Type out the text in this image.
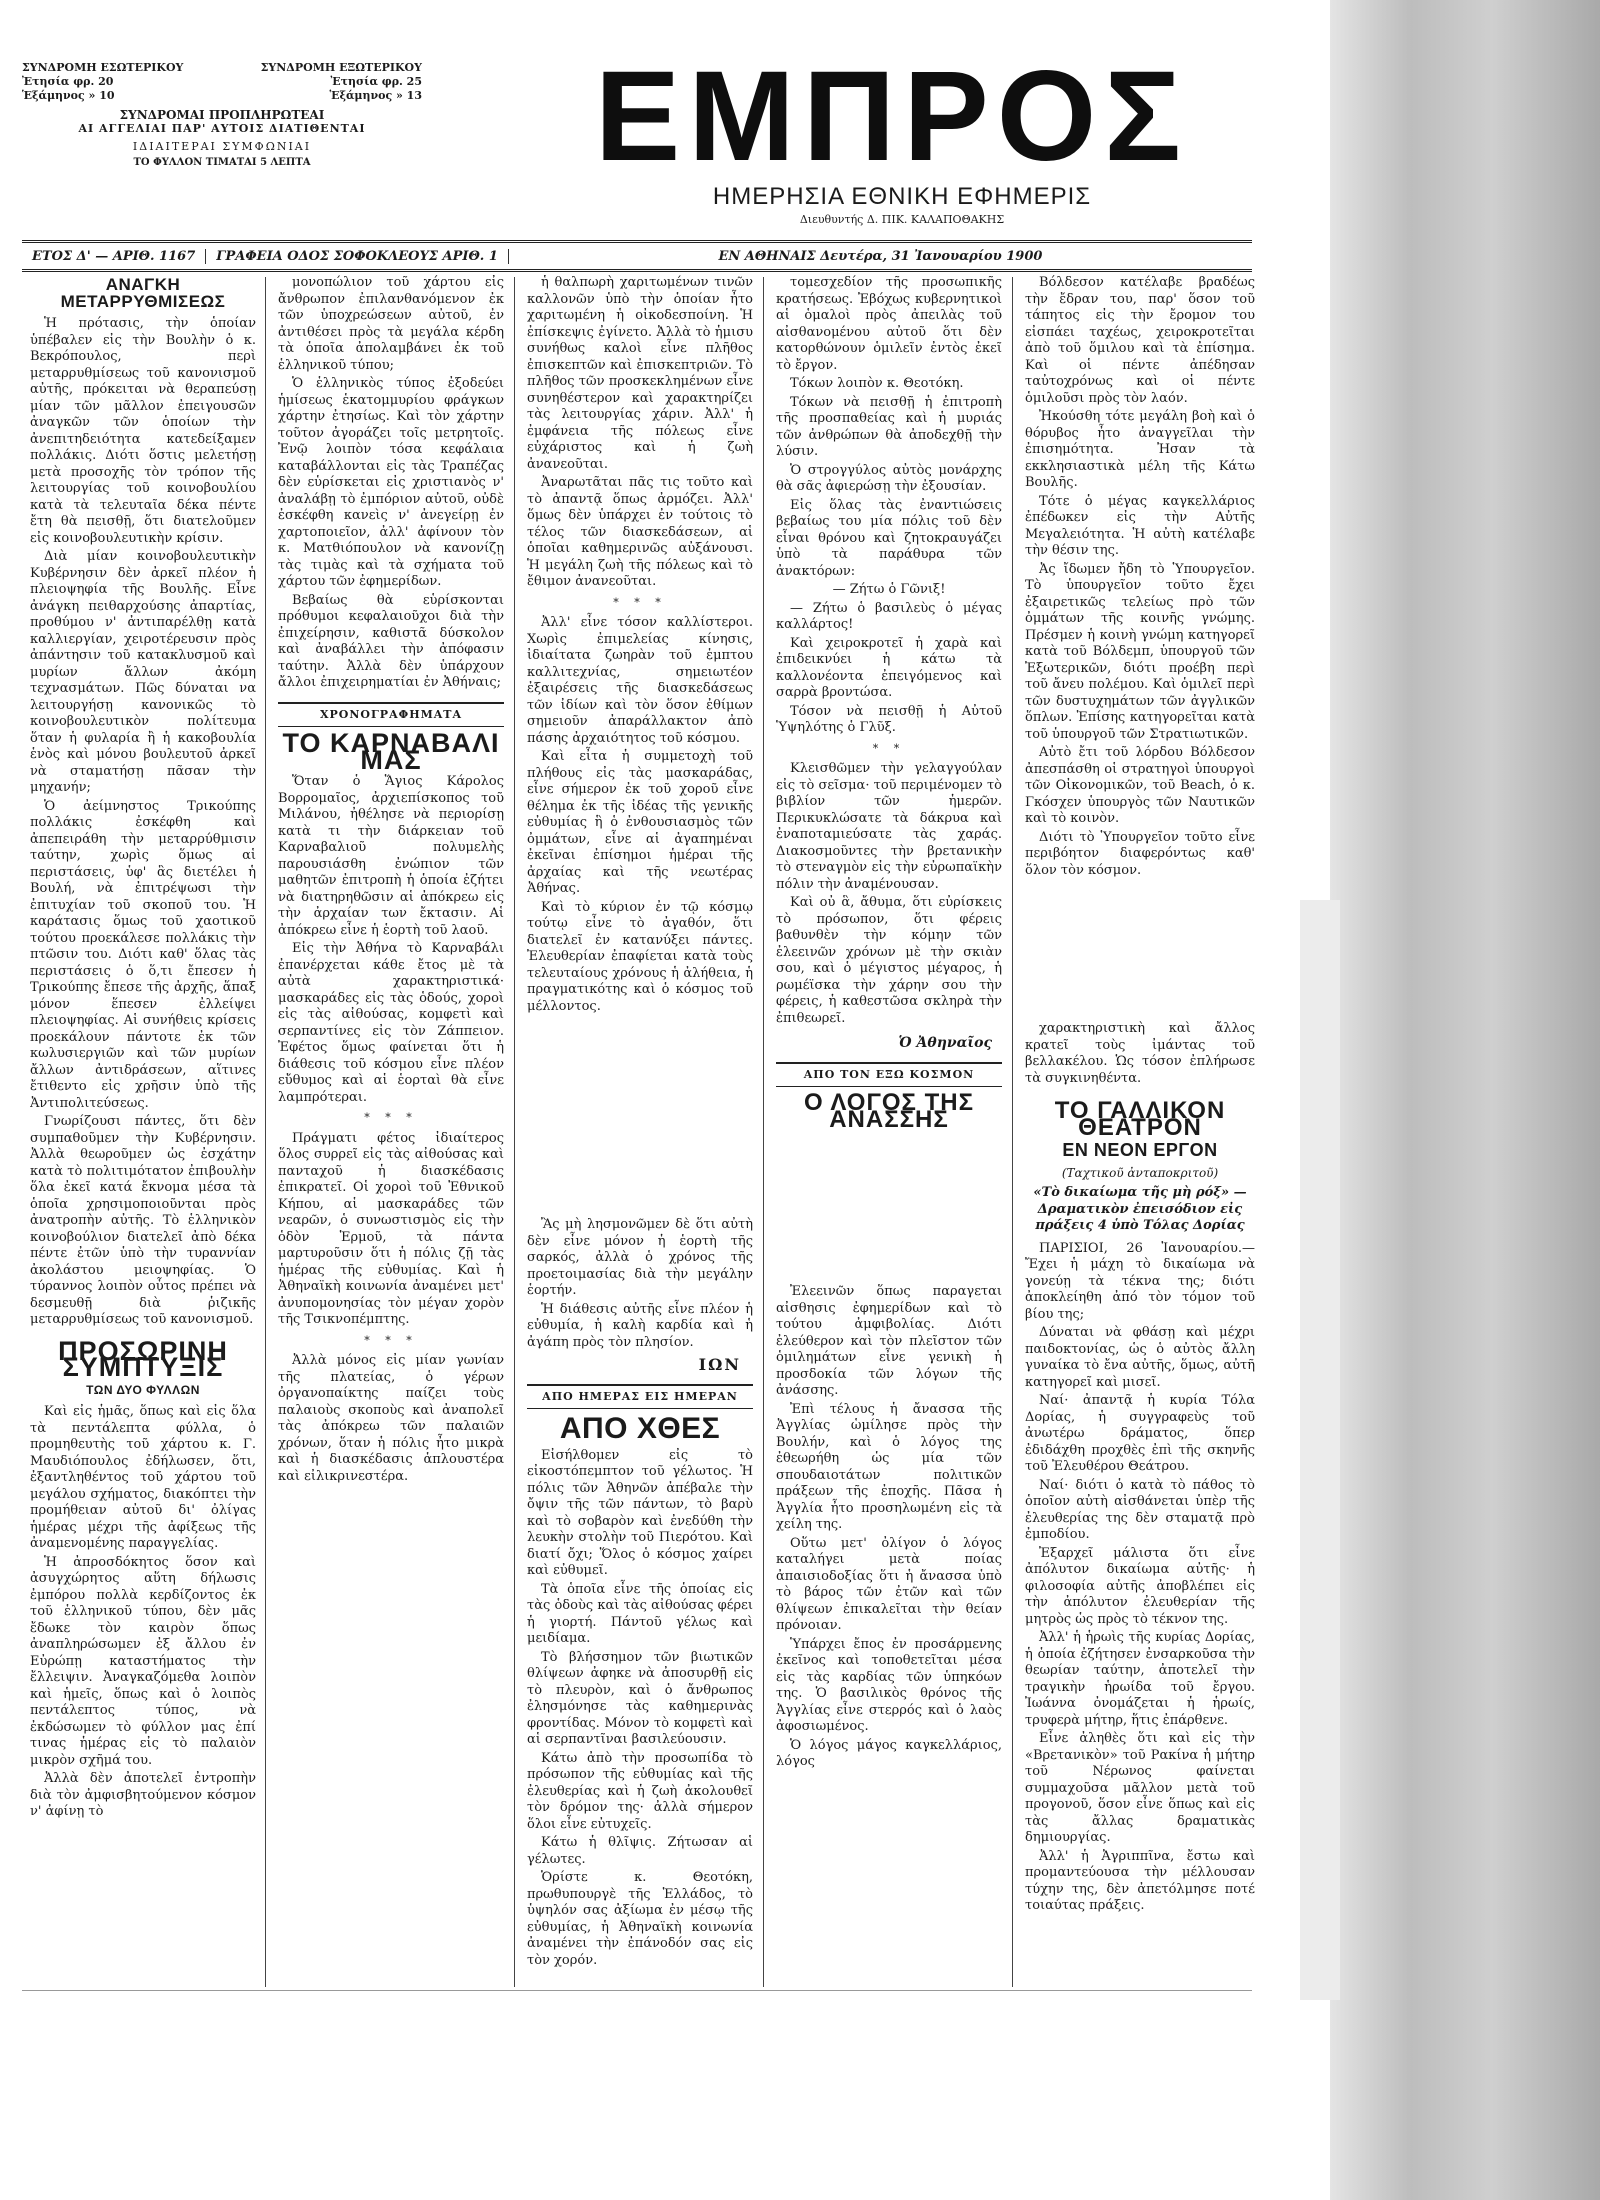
ΣΥΝΔΡΟΜΗ ΕΣΩΤΕΡΙΚΟΥ	ΣΥΝΔΡΟΜΗ ΕΞΩΤΕΡΙΚΟΥ
Ἐτησία φρ. 20	Ἐτησία φρ. 25
Ἑξάμηνος » 10	Ἑξάμηνος » 13
ΣΥΝΔΡΟΜΑΙ ΠΡΟΠΛΗΡΩΤΕΑΙ
ΑΙ ΑΓΓΕΛΙΑΙ ΠΑΡ' ΑΥΤΟΙΣ ΔΙΑΤΙΘΕΝΤΑΙ
ΙΔΙΑΙΤΕΡΑΙ ΣΥΜΦΩΝΙΑΙ
ΤΟ ΦΥΛΛΟΝ ΤΙΜΑΤΑΙ 5 ΛΕΠΤΑ	ΕΜΠΡΟΣ
ΗΜΕΡΗΣΙΑ ΕΘΝΙΚΗ ΕΦΗΜΕΡΙΣ
Διευθυντής Δ. ΠΙΚ. ΚΑΛΑΠΟΘΑΚΗΣ
ΕΤΟΣ Δ' — ΑΡΙΘ. 1167	ΓΡΑΦΕΙΑ ΟΔΟΣ ΣΟΦΟΚΛΕΟΥΣ ΑΡΙΘ. 1	ΕΝ ΑΘΗΝΑΙΣ Δευτέρα, 31 Ἰανουαρίου 1900
ΑΝΑΓΚΗ ΜΕΤΑΡΡΥΘΜΙΣΕΩΣ

Ἡ πρότασις, τὴν ὁποίαν ὑπέβαλεν εἰς τὴν Βουλὴν ὁ κ. Βεκρόπουλος, περὶ μεταρρυθμίσεως τοῦ κανονισμοῦ αὐτῆς, πρόκειται νὰ θεραπεύσῃ μίαν τῶν μᾶλλον ἐπειγουσῶν ἀναγκῶν τῶν ὁποίων τὴν ἀνεπιτηδειότητα κατεδείξαμεν πολλάκις. Διότι ὅστις μελετήσῃ μετὰ προσοχῆς τὸν τρόπον τῆς λειτουργίας τοῦ κοινοβουλίου κατὰ τὰ τελευταῖα δέκα πέντε ἔτη θὰ πεισθῇ, ὅτι διατελοῦμεν εἰς κοινοβουλευτικὴν κρίσιν.

Διὰ μίαν κοινοβουλευτικὴν Κυβέρνησιν δὲν ἀρκεῖ πλέον ἡ πλειοψηφία τῆς Βουλῆς. Εἶνε ἀνάγκη πειθαρχούσης ἀπαρτίας, προθύμου ν' ἀντιπαρέλθῃ κατὰ καλλιεργίαν, χειροτέρευσιν πρὸς ἀπάντησιν τοῦ κατακλυσμοῦ καὶ μυρίων ἄλλων ἀκόμη τεχνασμάτων. Πῶς δύναται να λειτουργήσῃ κανονικῶς τὸ κοινοβουλευτικὸν πολίτευμα ὅταν ἡ φυλαρία ἢ ἡ κακοβουλία ἑνὸς καὶ μόνου βουλευτοῦ ἀρκεῖ νὰ σταματήσῃ πᾶσαν τὴν μηχανήν;

Ὁ ἀείμνηστος Τρικούπης πολλάκις ἐσκέφθη καὶ ἀπεπειράθη τὴν μεταρρύθμισιν ταύτην, χωρὶς ὅμως αἱ περιστάσεις, ὑφ' ἃς διετέλει ἡ Βουλή, νὰ ἐπιτρέψωσι τὴν ἐπιτυχίαν τοῦ σκοποῦ του. Ἡ καράτασις ὅμως τοῦ χαοτικοῦ τούτου προεκάλεσε πολλάκις τὴν πτῶσιν του. Διότι καθ' ὅλας τὰς περιστάσεις ὁ ὅ,τι ἔπεσεν ἡ Τρικούπης ἔπεσε τῆς ἀρχῆς, ἅπαξ μόνον ἕπεσεν ἐλλείψει πλειοψηφίας. Αἱ συνήθεις κρίσεις προεκάλουν πάντοτε ἐκ τῶν κωλυσιεργιῶν καὶ τῶν μυρίων ἄλλων ἀντιδράσεων, αἵτινες ἔτιθεντο εἰς χρῆσιν ὑπὸ τῆς Ἀντιπολιτεύσεως.

Γνωρίζουσι πάντες, ὅτι δὲν συμπαθοῦμεν τὴν Κυβέρνησιν. Ἀλλὰ θεωροῦμεν ὡς ἐσχάτην κατὰ τὸ πολιτιμότατον ἐπιβουλὴν ὅλα ἐκεῖ κατά ἔκνομα μέσα τὰ ὁποῖα χρησιμοποιοῦνται πρὸς ἀνατροπὴν αὐτῆς. Τὸ ἑλληνικὸν κοινοβούλιον διατελεῖ ἀπὸ δέκα πέντε ἐτῶν ὑπὸ τὴν τυραννίαν ἀκολάστου μειοψηφίας. Ὁ τύραννος λοιπὸν οὗτος πρέπει νὰ δεσμευθῇ διὰ ῥιζικῆς μεταρρυθμίσεως τοῦ κανονισμοῦ.

ΠΡΟΣΩΡΙΝΗ ΣΥΜΠΤΥΞΙΣ
ΤΩΝ ΔΥΟ ΦΥΛΛΩΝ

Καὶ εἰς ἡμᾶς, ὅπως καὶ εἰς ὅλα τὰ πεντάλεπτα φύλλα, ὁ προμηθευτὴς τοῦ χάρτου κ. Γ. Μαυδιόπουλος ἐδήλωσεν, ὅτι, ἐξαντληθέντος τοῦ χάρτου τοῦ μεγάλου σχήματος, διακόπτει τὴν προμήθειαν αὐτοῦ δι' ὀλίγας ἡμέρας μέχρι τῆς ἀφίξεως τῆς ἀναμενομένης παραγγελίας.

Ἡ ἀπροσδόκητος ὅσον καὶ ἀσυγχώρητος αὕτη δήλωσις ἐμπόρου πολλὰ κερδίζοντος ἐκ τοῦ ἑλληνικοῦ τύπου, δὲν μᾶς ἔδωκε τὸν καιρὸν ὅπως ἀναπληρώσωμεν ἐξ ἄλλου ἐν Εὐρώπῃ καταστήματος τὴν ἔλλειψιν. Ἀναγκαζόμεθα λοιπὸν καὶ ἡμεῖς, ὅπως καὶ ὁ λοιπὸς πεντάλεπτος τύπος, νὰ ἐκδώσωμεν τὸ φύλλον μας ἐπί τινας ἡμέρας εἰς τὸ παλαιὸν μικρὸν σχῆμά του.

Ἀλλὰ δὲν ἀποτελεῖ ἐντροπὴν διὰ τὸν ἀμφισβητούμενον κόσμον ν' ἀφίνῃ τὸ

μονοπώλιον τοῦ χάρτου εἰς ἄνθρωπον ἐπιλανθανόμενον ἐκ τῶν ὑποχρεώσεων αὐτοῦ, ἐν ἀντιθέσει πρὸς τὰ μεγάλα κέρδη τὰ ὁποῖα ἀπολαμβάνει ἐκ τοῦ ἑλληνικοῦ τύπου;

Ὁ ἑλληνικὸς τύπος ἐξοδεύει ἡμίσεως ἑκατομμυρίου φράγκων χάρτην ἐτησίως. Καὶ τὸν χάρτην τοῦτον ἀγοράζει τοῖς μετρητοῖς. Ἐνῷ λοιπὸν τόσα κεφάλαια καταβάλλονται εἰς τὰς Τραπέζας δὲν εὑρίσκεται εἰς χριστιανὸς ν' ἀναλάβῃ τὸ ἐμπόριον αὐτοῦ, οὐδὲ ἐσκέφθη κανεὶς ν' ἀνεγείρῃ ἐν χαρτοποιεῖον, ἀλλ' ἀφίνουν τὸν κ. Ματθιόπουλον νὰ κανονίζῃ τὰς τιμὰς καὶ τὰ σχήματα τοῦ χάρτου τῶν ἐφημερίδων.

Βεβαίως θὰ εὑρίσκονται πρόθυμοι κεφαλαιοῦχοι διὰ τὴν ἐπιχείρησιν, καθιστᾶ δύσκολον καὶ ἀναβάλλει τὴν ἀπόφασιν ταύτην. Ἀλλὰ δὲν ὑπάρχουν ἄλλοι ἐπιχειρηματίαι ἐν Ἀθήναις;

ΧΡΟΝΟΓΡΑΦΗΜΑΤΑ
ΤΟ ΚΑΡΝΑΒΑΛΙ ΜΑΣ

Ὅταν ὁ Ἅγιος Κάρολος Βορρομαῖος, ἀρχιεπίσκοπος τοῦ Μιλάνου, ἠθέλησε νὰ περιορίσῃ κατὰ τι τὴν διάρκειαν τοῦ Καρναβαλιοῦ πολυμελὴς παρουσιάσθη ἐνώπιον τῶν μαθητῶν ἐπιτροπὴ ἡ ὁποία ἐζήτει νὰ διατηρηθῶσιν αἱ ἀπόκρεω εἰς τὴν ἀρχαίαν των ἔκτασιν. Αἱ ἀπόκρεω εἶνε ἡ ἑορτὴ τοῦ λαοῦ.

Εἰς τὴν Ἀθήνα τὸ Καρναβάλι ἐπανέρχεται κάθε ἔτος μὲ τὰ αὐτὰ χαρακτηριστικά· μασκαράδες εἰς τὰς ὁδούς, χοροὶ εἰς τὰς αἰθούσας, κομφετὶ καὶ σερπαντίνες εἰς τὸν Ζάππειον. Ἐφέτος ὅμως φαίνεται ὅτι ἡ διάθεσις τοῦ κόσμου εἶνε πλέον εὔθυμος καὶ αἱ ἑορταὶ θὰ εἶνε λαμπρότεραι.

* * *

Πράγματι φέτος ἰδιαίτερος ὅλος συρρεῖ εἰς τὰς αἰθούσας καὶ πανταχοῦ ἡ διασκέδασις ἐπικρατεῖ. Οἱ χοροὶ τοῦ Ἐθνικοῦ Κήπου, αἱ μασκαράδες τῶν νεαρῶν, ὁ συνωστισμὸς εἰς τὴν ὁδὸν Ἑρμοῦ, τὰ πάντα μαρτυροῦσιν ὅτι ἡ πόλις ζῇ τὰς ἡμέρας τῆς εὐθυμίας. Καὶ ἡ Ἀθηναϊκὴ κοινωνία ἀναμένει μετ' ἀνυπομονησίας τὸν μέγαν χορὸν τῆς Τσικνοπέμπτης.

* * *

Ἀλλὰ μόνος εἰς μίαν γωνίαν τῆς πλατείας, ὁ γέρων ὀργανοπαίκτης παίζει τοὺς παλαιοὺς σκοποὺς καὶ ἀναπολεῖ τὰς ἀπόκρεω τῶν παλαιῶν χρόνων, ὅταν ἡ πόλις ἦτο μικρὰ καὶ ἡ διασκέδασις ἁπλουστέρα καὶ εἰλικρινεστέρα.

ἡ θαλπωρὴ χαριτωμένων τινῶν καλλονῶν ὑπὸ τὴν ὁποίαν ἦτο χαριτωμένη ἡ οἰκοδεσποίνη. Ἡ ἐπίσκεψις ἐγίνετο. Ἀλλὰ τὸ ἡμισυ συνήθως καλοὶ εἶνε πλῆθος ἐπισκεπτῶν καὶ ἐπισκεπτριῶν. Τὸ πλῆθος τῶν προσκεκλημένων εἶνε συνηθέστερον καὶ χαρακτηρίζει τὰς λειτουργίας χάριν. Ἀλλ' ἡ ἐμφάνεια τῆς πόλεως εἶνε εὐχάριστος καὶ ἡ ζωὴ ἀνανεοῦται.

Ἀναρωτᾶται πᾶς τις τοῦτο καὶ τὸ ἀπαντᾷ ὅπως ἀρμόζει. Ἀλλ' ὅμως δὲν ὑπάρχει ἐν τούτοις τὸ τέλος τῶν διασκεδάσεων, αἱ ὁποῖαι καθημερινῶς αὐξάνουσι. Ἡ μεγάλη ζωὴ τῆς πόλεως καὶ τὸ ἔθιμον ἀνανεοῦται.

* * *

Ἀλλ' εἶνε τόσον καλλίστεροι. Χωρὶς ἐπιμελείας κίνησις, ἰδιαίτατα ζωηρὰν τοῦ ἑμπτου καλλιτεχνίας, σημειωτέον ἐξαιρέσεις τῆς διασκεδάσεως τῶν ἰδίων καὶ τὸν ὅσον ἐθίμων σημειοῦν ἀπαράλλακτον ἀπὸ πάσης ἀρχαιότητος τοῦ κόσμου.

Καὶ εἶτα ἡ συμμετοχὴ τοῦ πλήθους εἰς τὰς μασκαράδας, εἶνε σήμερον ἐκ τοῦ χοροῦ εἶνε θέλημα ἐκ τῆς ἰδέας τῆς γενικῆς εὐθυμίας ἣ ὁ ἐνθουσιασμὸς τῶν ὀμμάτων, εἶνε αἱ ἀγαπημέναι ἐκεῖναι ἐπίσημοι ἡμέραι τῆς ἀρχαίας καὶ τῆς νεωτέρας Ἀθήνας.

Καὶ τὸ κύριον ἐν τῷ κόσμῳ τούτῳ εἶνε τὸ ἀγαθόν, ὅτι διατελεῖ ἐν κατανύξει πάντες. Ἐλευθερίαν ἐπαφίεται κατὰ τοὺς τελευταίους χρόνους ἡ ἀλήθεια, ἡ πραγματικότης καὶ ὁ κόσμος τοῦ μέλλοντος.

Ἂς μὴ λησμονῶμεν δὲ ὅτι αὐτὴ δὲν εἶνε μόνον ἡ ἑορτὴ τῆς σαρκός, ἀλλὰ ὁ χρόνος τῆς προετοιμασίας διὰ τὴν μεγάλην ἑορτήν.

Ἡ διάθεσις αὐτῆς εἶνε πλέον ἡ εὐθυμία, ἡ καλὴ καρδία καὶ ἡ ἀγάπη πρὸς τὸν πλησίον.

ΙΩΝ
ΑΠΟ ΗΜΕΡΑΣ ΕΙΣ ΗΜΕΡΑΝ
ΑΠΟ ΧΘΕΣ

Εἰσήλθομεν εἰς τὸ εἰκοστόπεμπτον τοῦ γέλωτος. Ἡ πόλις τῶν Ἀθηνῶν ἀπέβαλε τὴν ὄψιν τῆς τῶν πάντων, τὸ βαρὺ καὶ τὸ σοβαρὸν καὶ ἐνεδύθη τὴν λευκὴν στολὴν τοῦ Πιερότου. Καὶ διατί ὄχι; Ὅλος ὁ κόσμος χαίρει καὶ εὐθυμεῖ.

Τὰ ὁποῖα εἶνε τῆς ὁποίας εἰς τὰς ὁδοὺς καὶ τὰς αἰθούσας φέρει ἡ γιορτή. Πάντοῦ γέλως καὶ μειδίαμα.

Τὸ βλήσσημον τῶν βιωτικῶν θλίψεων ἀφηκε νὰ ἀποσυρθῇ εἰς τὸ πλευρὸν, καὶ ὁ ἄνθρωπος ἐλησμόνησε τὰς καθημερινὰς φροντίδας. Μόνον τὸ κομφετὶ καὶ αἱ σερπαντῖναι βασιλεύουσιν.

Κάτω ἀπὸ τὴν προσωπίδα τὸ πρόσωπον τῆς εὐθυμίας καὶ τῆς ἐλευθερίας καὶ ἡ ζωὴ ἀκολουθεῖ τὸν δρόμον της· ἀλλὰ σήμερον ὅλοι εἶνε εὐτυχεῖς.

Κάτω ἡ θλῖψις. Ζήτωσαν αἱ γέλωτες.

Ὁρίστε κ. Θεοτόκη, πρωθυπουργὲ τῆς Ἑλλάδος, τὸ ὑψηλόν σας ἀξίωμα ἐν μέσῳ τῆς εὐθυμίας, ἡ Ἀθηναϊκὴ κοινωνία ἀναμένει τὴν ἐπάνοδόν σας εἰς τὸν χορόν.

τομεσχεδίον τῆς προσωπικῆς κρατήσεως. Ἐβόχως κυβερνητικοὶ αἱ ὁμαλοὶ πρὸς ἀπειλὰς τοῦ αἰσθανομένου αὐτοῦ ὅτι δὲν κατορθώνουν ὁμιλεῖν ἐντὸς ἐκεῖ τὸ ἔργον.

Τόκων λοιπὸν κ. Θεοτόκη.

Τόκων νὰ πεισθῇ ἡ ἐπιτροπὴ τῆς προσπαθείας καὶ ἡ μυριάς τῶν ἀνθρώπων θὰ ἀποδεχθῇ τὴν λύσιν.

Ὁ στρογγύλος αὐτὸς μονάρχης θὰ σᾶς ἀφιερώσῃ τὴν ἐξουσίαν.

Εἰς ὅλας τὰς ἐναντιώσεις βεβαίως του μία πόλις τοῦ δὲν εἶναι θρόνου καὶ ζητοκραυγάζει ὑπὸ τὰ παράθυρα τῶν ἀνακτόρων:

— Ζήτω ὁ Γῶνιξ!

— Ζήτω ὁ βασιλεὺς ὁ μέγας καλλάρτος!

Καὶ χειροκροτεῖ ἡ χαρὰ καὶ ἐπιδεικνύει ἡ κάτω τὰ καλλονέοντα ἐπειγόμενος καὶ σαρρὰ βροντώσα.

Τόσον νὰ πεισθῇ ἡ Αὐτοῦ Ὑψηλότης ὁ Γλῦξ.

* *

Κλεισθῶμεν τὴν γελαγγούλαν εἰς τὸ σεῖσμα· τοῦ περιμένομεν τὸ βιβλίον τῶν ἡμερῶν. Περικυκλώσατε τὰ δάκρυα καὶ ἐναποταμιεύσατε τὰς χαράς. Διακοσμοῦντες τὴν βρετανικὴν τὸ στεναγμὸν εἰς τὴν εὐρωπαϊκὴν πόλιν τὴν ἀναμένουσαν.

Καὶ οὐ ἃ, ἄθυμα, ὅτι εὐρίσκεις τὸ πρόσωπον, ὅτι φέρεις βαθυνθὲν τὴν κόμην τῶν ἐλεεινῶν χρόνων μὲ τὴν σκιὰν σου, καὶ ὁ μέγιστος μέγαρος, ἡ ρωμέϊσκα τὴν χάρην σου τὴν φέρεις, ἡ καθεστῶσα σκληρὰ τὴν ἐπιθεωρεῖ.

Ὁ Ἀθηναῖος
ΑΠΟ ΤΟΝ ΕΞΩ ΚΟΣΜΟΝ
Ο ΛΟΓΟΣ ΤΗΣ ΑΝΑΣΣΗΣ

Ἐλεεινῶν ὅπως παραγεται αἰσθησις ἐφημερίδων καὶ τὸ τούτου ἀμφιβολίας. Διότι ἐλεύθερον καὶ τὸν πλεῖστον τῶν ὁμιλημάτων εἶνε γενικὴ ἡ προσδοκία τῶν λόγων τῆς ἀνάσσης.

Ἐπὶ τέλους ἡ ἄνασσα τῆς Ἀγγλίας ὡμίλησε πρὸς τὴν Βουλήν, καὶ ὁ λόγος της ἐθεωρήθη ὡς μία τῶν σπουδαιοτάτων πολιτικῶν πράξεων τῆς ἐποχῆς. Πᾶσα ἡ Ἀγγλία ἦτο προσηλωμένη εἰς τὰ χείλη της.

Οὕτω μετ' ὀλίγον ὁ λόγος καταλήγει μετὰ ποίας ἀπαισιοδοξίας ὅτι ἡ ἄνασσα ὑπὸ τὸ βάρος τῶν ἐτῶν καὶ τῶν θλίψεων ἐπικαλεῖται τὴν θείαν πρόνοιαν.

Ὑπάρχει ἔπος ἐν προσάρμενης ἐκεῖνος καὶ τοποθετεῖται μέσα εἰς τὰς καρδίας τῶν ὑπηκόων της. Ὁ βασιλικὸς θρόνος τῆς Ἀγγλίας εἶνε στερρός καὶ ὁ λαὸς ἀφοσιωμένος.

Ὁ λόγος μάγος καγκελλάριος, λόγος

Βόλδεσον κατέλαβε βραδέως τὴν ἔδραν του, παρ' ὅσον τοῦ τάπητος εἰς τὴν ἔρομον του εἰσπάει ταχέως, χειροκροτεῖται ἀπὸ τοῦ ὅμιλου καὶ τὰ ἐπίσημα. Καὶ οἱ πέντε ἀπέδησαν ταὐτοχρόνως καὶ οἱ πέντε ὁμιλοῦσι πρὸς τὸν λαόν.

Ἠκούσθη τότε μεγάλη βοὴ καὶ ὁ θόρυβος ἦτο ἀναγγεῖλαι τὴν ἐπισημότητα. Ἠσαν τὰ εκκλησιαστικὰ μέλη τῆς Κάτω Βουλῆς.

Τότε ὁ μέγας καγκελλάριος ἐπέδωκεν εἰς τὴν Αὐτῆς Μεγαλειότητα. Ἡ αὐτὴ κατέλαβε τὴν θέσιν της.

Ἀς ἴδωμεν ἤδη τὸ Ὑπουργεῖον. Τὸ ὑπουργεῖον τοῦτο ἔχει ἐξαιρετικῶς τελείως πρὸ τῶν ὀμμάτων τῆς κοινῆς γνώμης. Πρέσμεν ἡ κοινὴ γνώμη κατηγορεῖ κατὰ τοῦ Βόλδεμπ, ὑπουργοῦ τῶν Ἐξωτερικῶν, διότι προέβη περὶ τοῦ ἄνευ πολέμου. Καὶ ὁμιλεῖ περὶ τῶν δυστυχημάτων τῶν ἀγγλικῶν ὅπλων. Ἐπίσης κατηγορεῖται κατὰ τοῦ ὑπουργοῦ τῶν Στρατιωτικῶν.

Αὐτὸ ἔτι τοῦ λόρδου Βόλδεσον ἀπεσπάσθη οἱ στρατηγοὶ ὑπουργοὶ τῶν Οἰκονομικῶν, τοῦ Beach, ὁ κ. Γκόσχεν ὑπουργὸς τῶν Ναυτικῶν καὶ τὸ κοινὸν.

Διότι τὸ Ὑπουργεῖον τοῦτο εἶνε περιβόητον διαφερόντως καθ' ὅλον τὸν κόσμον.

χαρακτηριστικὴ καὶ ἄλλος κρατεῖ τοὺς ἰμάντας τοῦ βελλακέλου. Ὡς τόσον ἐπλήρωσε τὰ συγκινηθέντα.

ΤΟ ΓΑΛΛΙΚΟΝ ΘΕΑΤΡΟΝ
ΕΝ ΝΕΟΝ ΕΡΓΟΝ
(Ταχτικοῦ ἀνταποκριτοῦ)
«Τὸ δικαίωμα τῆς μὴ ρόξ» — Δραματικὸν ἐπεισόδιον εἰς πράξεις 4 ὑπὸ Τόλας Δορίας

ΠΑΡΙΣΙΟΙ, 26 Ἰανουαρίου.— Ἔχει ἡ μάχη τὸ δικαίωμα νὰ γονεύῃ τὰ τέκνα της; διότι ἀποκλείηθη ἀπό τὸν τόμον τοῦ βίου της;

Δύναται νὰ φθάσῃ καὶ μέχρι παιδοκτονίας, ὡς ὁ αὐτὸς ἄλλη γυναίκα τὸ ἔνα αὐτῆς, ὅμως, αὐτῆ κατηγορεῖ καὶ μισεῖ.

Ναί· ἀπαντᾷ ἡ κυρία Τόλα Δορίας, ἡ συγγραφεὺς τοῦ ἀνωτέρω δράματος, ὅπερ ἐδιδάχθη προχθὲς ἐπὶ τῆς σκηνῆς τοῦ Ἐλευθέρου Θεάτρου.

Ναί· διότι ὁ κατὰ τὸ πάθος τὸ ὁποῖον αὐτὴ αἰσθάνεται ὑπὲρ τῆς ἐλευθερίας της δὲν σταματᾷ πρὸ ἐμποδίου.

Ἐξαρχεῖ μάλιστα ὅτι εἶνε ἀπόλυτον δικαίωμα αὐτῆς· ἡ φιλοσοφία αὐτῆς ἀποβλέπει εἰς τὴν ἀπόλυτον ἐλευθερίαν τῆς μητρὸς ὡς πρὸς τὸ τέκνον της.

Ἀλλ' ἡ ἡρωὶς τῆς κυρίας Δορίας, ἡ ὁποία ἐζήτησεν ἐνσαρκοῦσα τὴν θεωρίαν ταύτην, ἀποτελεῖ τὴν τραγικὴν ἡρωίδα τοῦ ἔργου. Ἰωάννα ὀνομάζεται ἡ ἡρωίς, τρυφερὰ μήτηρ, ἥτις ἐπάρθενε.

Εἶνε ἀληθὲς ὅτι καὶ εἰς τὴν «Βρετανικὸν» τοῦ Ρακίνα ἡ μήτηρ τοῦ Νέρωνος φαίνεται συμμαχοῦσα μᾶλλον μετὰ τοῦ προγονοῦ, ὅσον εἶνε ὅπως καὶ εἰς τὰς ἄλλας δραματικὰς δημιουργίας.

Ἀλλ' ἡ Ἀγριππῖνα, ἔστω καὶ προμαντεύουσα τὴν μέλλουσαν τύχην της, δὲν ἀπετόλμησε ποτέ τοιαύτας πράξεις.
